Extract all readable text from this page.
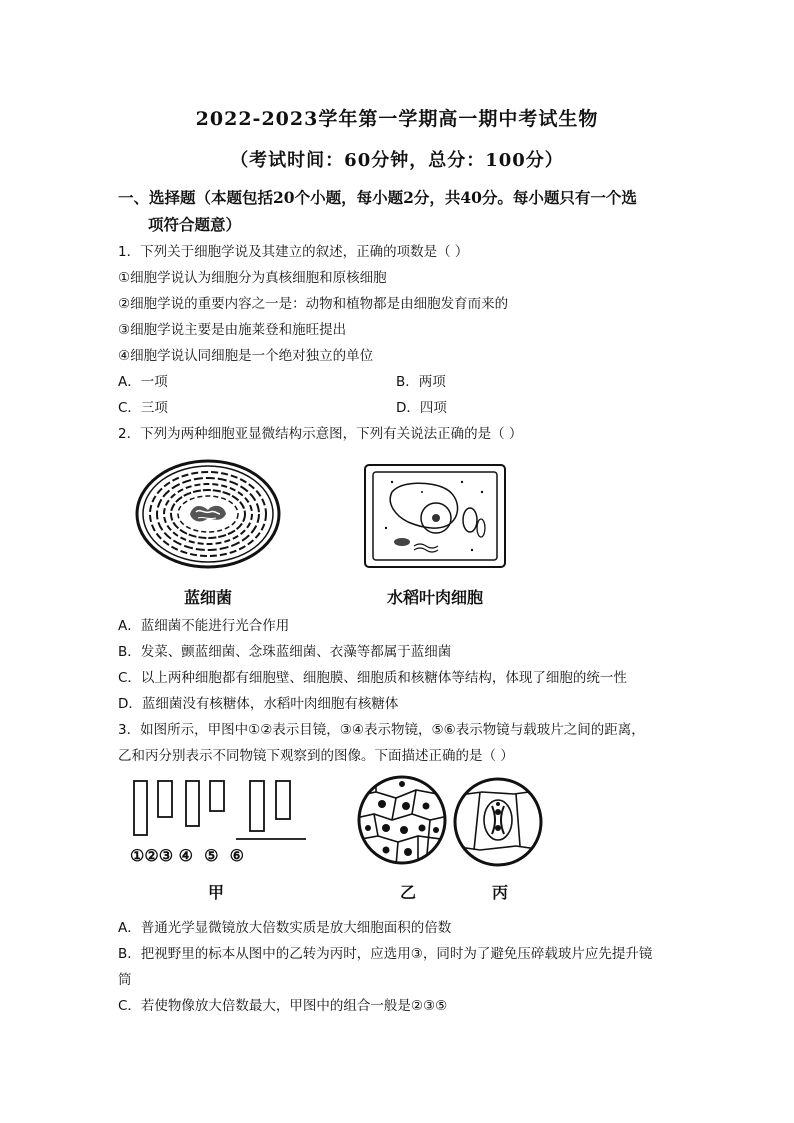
2022-2023学年第一学期高一期中考试生物
（考试时间：60分钟，总分：100分）
一、选择题（本题包括20个小题，每小题2分，共40分。每小题只有一个选
项符合题意）
1．下列关于细胞学说及其建立的叙述，正确的项数是（ ）
①细胞学说认为细胞分为真核细胞和原核细胞
②细胞学说的重要内容之一是：动物和植物都是由细胞发育而来的
③细胞学说主要是由施莱登和施旺提出
④细胞学说认同细胞是一个绝对独立的单位
A．一项	B．两项
C．三项	D．四项
2．下列为两种细胞亚显微结构示意图，下列有关说法正确的是（ ）
蓝细菌	水稻叶肉细胞
A．蓝细菌不能进行光合作用
B．发菜、颤蓝细菌、念珠蓝细菌、衣藻等都属于蓝细菌
C．以上两种细胞都有细胞壁、细胞膜、细胞质和核糖体等结构，体现了细胞的统一性
D．蓝细菌没有核糖体，水稻叶肉细胞有核糖体
3．如图所示，甲图中①②表示目镜，③④表示物镜，⑤⑥表示物镜与载玻片之间的距离，
乙和丙分别表示不同物镜下观察到的图像。下面描述正确的是（ ）
①②③ ④  ⑤  ⑥
甲	乙	丙
A．普通光学显微镜放大倍数实质是放大细胞面积的倍数
B．把视野里的标本从图中的乙转为丙时，应选用③，同时为了避免压碎载玻片应先提升镜
筒
C．若使物像放大倍数最大，甲图中的组合一般是②③⑤
